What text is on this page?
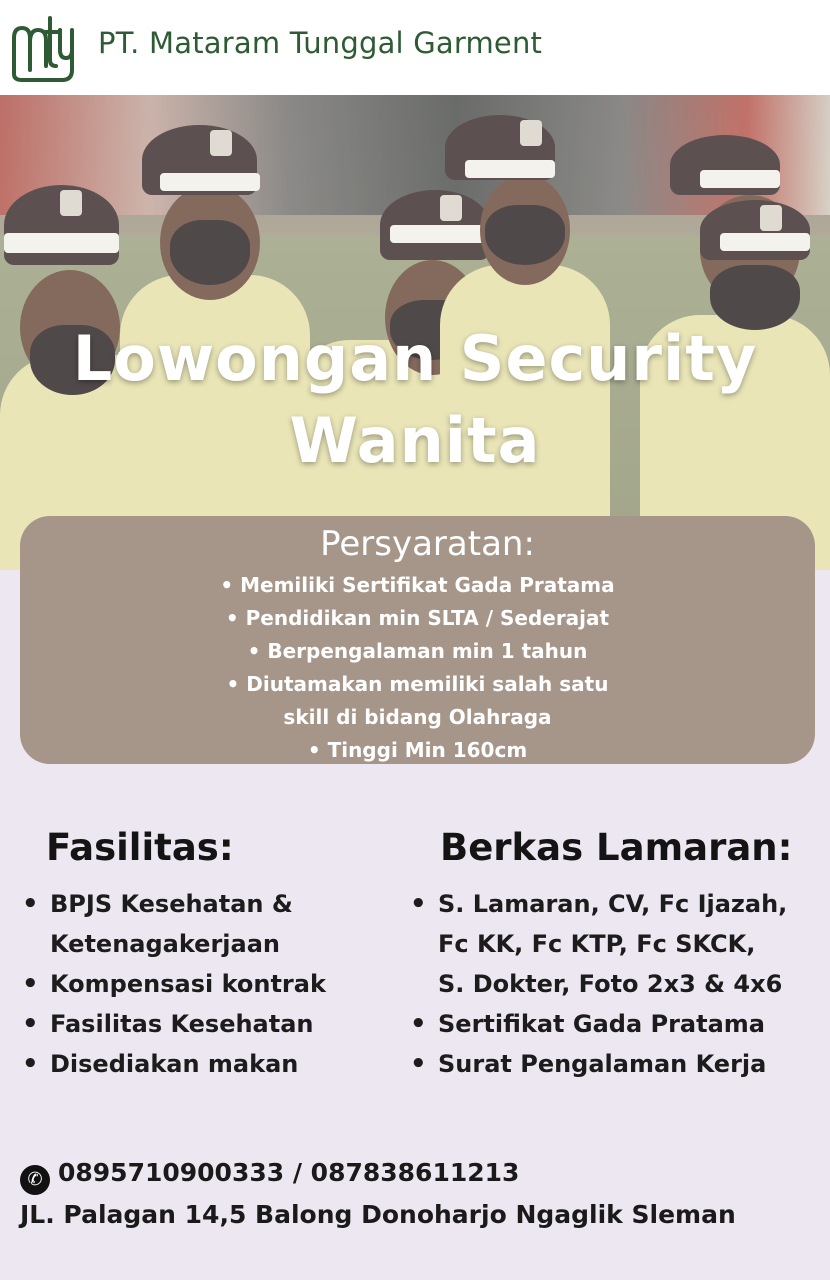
PT. Mataram Tunggal Garment
Lowongan Security
Wanita
Persyaratan:
• Memiliki Sertifikat Gada Pratama
• Pendidikan min SLTA / Sederajat
• Berpengalaman min 1 tahun
• Diutamakan memiliki salah satu
skill di bidang Olahraga
• Tinggi Min 160cm
Fasilitas:
• BPJS Kesehatan &
Ketenagakerjaan
• Kompensasi kontrak
• Fasilitas Kesehatan
• Disediakan makan
Berkas Lamaran:
• S. Lamaran, CV, Fc Ijazah,
Fc KK, Fc KTP, Fc SKCK,
S. Dokter, Foto 2x3 & 4x6
• Sertifikat Gada Pratama
• Surat Pengalaman Kerja
✆ 0895710900333 / 087838611213
JL. Palagan 14,5 Balong Donoharjo Ngaglik Sleman
